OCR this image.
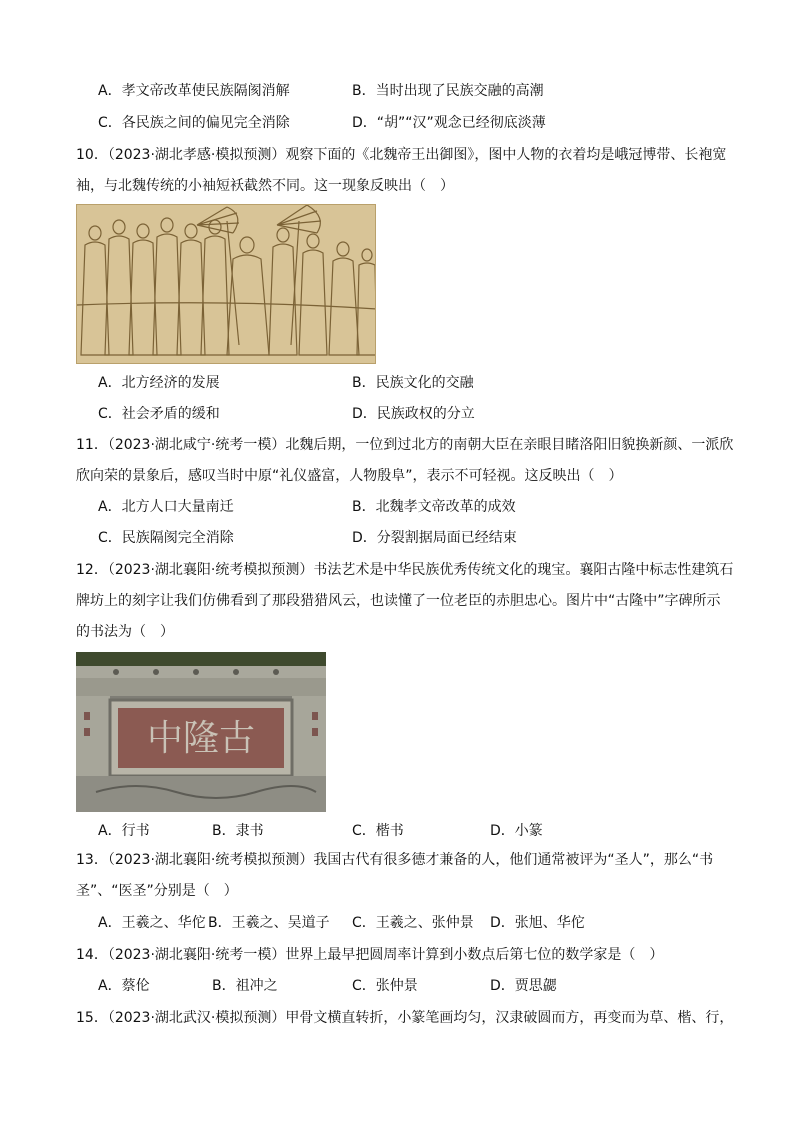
A．孝文帝改革使民族隔阂消解	B．当时出现了民族交融的高潮
C．各民族之间的偏见完全消除	D．“胡”“汉”观念已经彻底淡薄
10．（2023·湖北孝感·模拟预测）观察下面的《北魏帝王出御图》，图中人物的衣着均是峨冠博带、长袍宽
袖，与北魏传统的小袖短袄截然不同。这一现象反映出（　）
A．北方经济的发展	B．民族文化的交融
C．社会矛盾的缓和	D．民族政权的分立
11．（2023·湖北咸宁·统考一模）北魏后期，一位到过北方的南朝大臣在亲眼目睹洛阳旧貌换新颜、一派欣
欣向荣的景象后，感叹当时中原“礼仪盛富，人物殷阜”，表示不可轻视。这反映出（　）
A．北方人口大量南迁	B．北魏孝文帝改革的成效
C．民族隔阂完全消除	D．分裂割据局面已经结束
12．（2023·湖北襄阳·统考模拟预测）书法艺术是中华民族优秀传统文化的瑰宝。襄阳古隆中标志性建筑石
牌坊上的刻字让我们仿佛看到了那段猎猎风云，也读懂了一位老臣的赤胆忠心。图片中“古隆中”字碑所示
的书法为（　）
中隆古
A．行书	B．隶书	C．楷书	D．小篆
13．（2023·湖北襄阳·统考模拟预测）我国古代有很多德才兼备的人，他们通常被评为“圣人”，那么“书
圣”、“医圣”分别是（　）
A．王羲之、华佗 B．王羲之、吴道子 C．王羲之、张仲景 D．张旭、华佗
14．（2023·湖北襄阳·统考一模）世界上最早把圆周率计算到小数点后第七位的数学家是（　）
A．蔡伦	B．祖冲之	C．张仲景	D．贾思勰
15．（2023·湖北武汉·模拟预测）甲骨文横直转折，小篆笔画均匀，汉隶破圆而方，再变而为草、楷、行，
